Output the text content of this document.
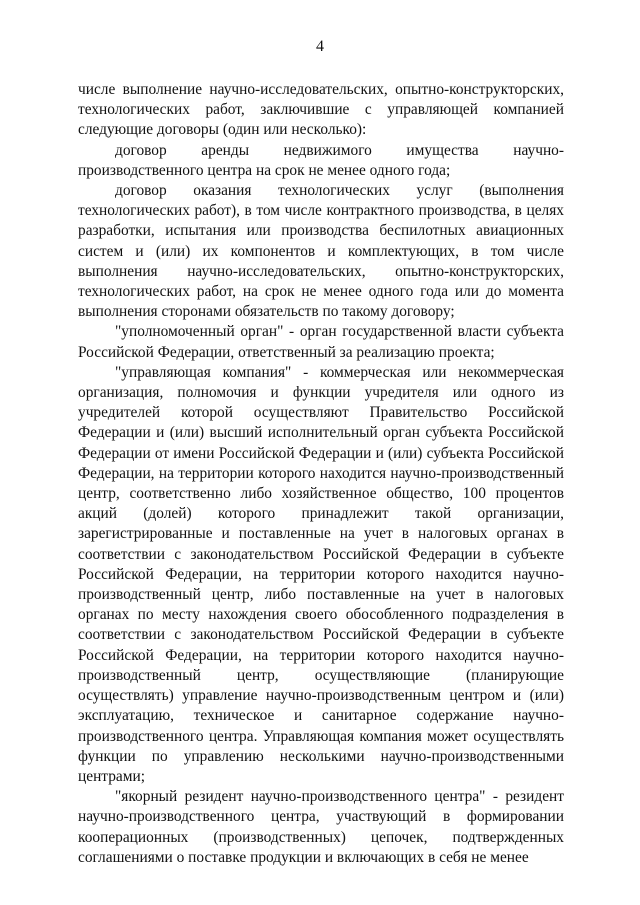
4

числе выполнение научно-исследовательских, опытно-конструкторских, технологических работ, заключившие с управляющей компанией следующие договоры (один или несколько):

договор аренды недвижимого имущества научно-производственного центра на срок не менее одного года;

договор оказания технологических услуг (выполнения технологических работ), в том числе контрактного производства, в целях разработки, испытания или производства беспилотных авиационных систем и (или) их компонентов и комплектующих, в том числе выполнения научно-исследовательских, опытно-конструкторских, технологических работ, на срок не менее одного года или до момента выполнения сторонами обязательств по такому договору;

"уполномоченный орган" - орган государственной власти субъекта Российской Федерации, ответственный за реализацию проекта;

"управляющая компания" - коммерческая или некоммерческая организация, полномочия и функции учредителя или одного из учредителей которой осуществляют Правительство Российской Федерации и (или) высший исполнительный орган субъекта Российской Федерации от имени Российской Федерации и (или) субъекта Российской Федерации, на территории которого находится научно-производственный центр, соответственно либо хозяйственное общество, 100 процентов акций (долей) которого принадлежит такой организации, зарегистрированные и поставленные на учет в налоговых органах в соответствии с законодательством Российской Федерации в субъекте Российской Федерации, на территории которого находится научно-производственный центр, либо поставленные на учет в налоговых органах по месту нахождения своего обособленного подразделения в соответствии с законодательством Российской Федерации в субъекте Российской Федерации, на территории которого находится научно-производственный центр, осуществляющие (планирующие осуществлять) управление научно-производственным центром и (или) эксплуатацию, техническое и санитарное содержание научно-производственного центра. Управляющая компания может осуществлять функции по управлению несколькими научно-производственными центрами;

"якорный резидент научно-производственного центра" - резидент научно-производственного центра, участвующий в формировании кооперационных (производственных) цепочек, подтвержденных соглашениями о поставке продукции и включающих в себя не менее
